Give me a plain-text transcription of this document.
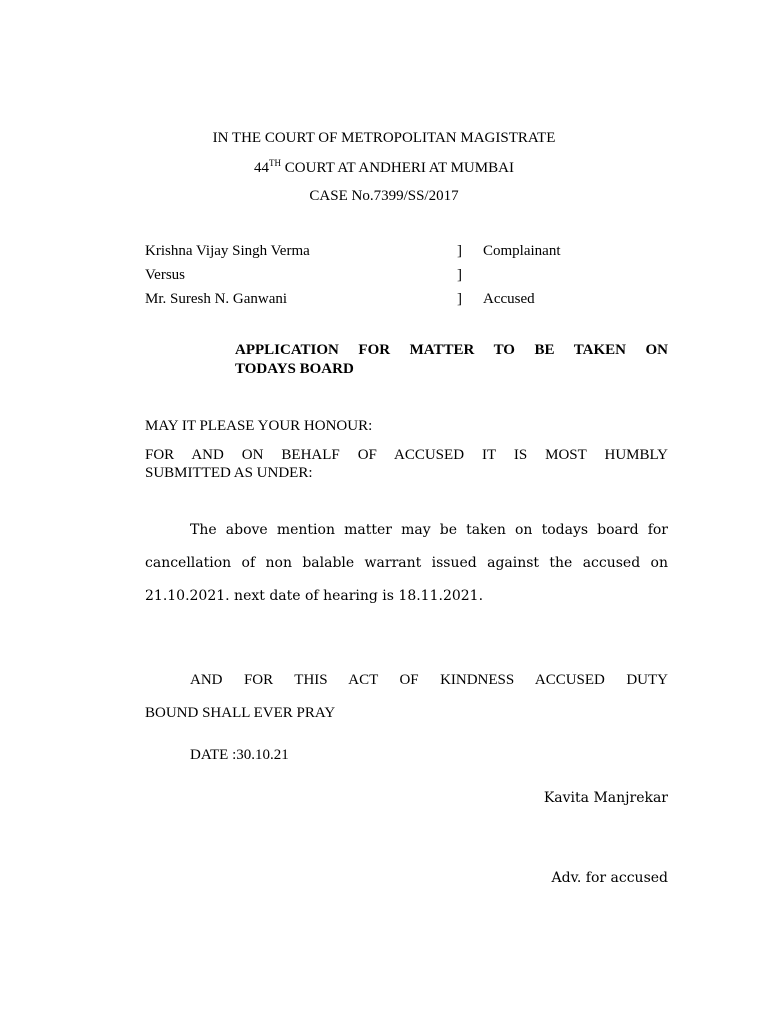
IN THE COURT OF METROPOLITAN MAGISTRATE
44TH COURT AT ANDHERI AT MUMBAI
CASE No.7399/SS/2017
Krishna Vijay Singh Verma	] Complainant
Versus	]
Mr. Suresh N. Ganwani	] Accused
APPLICATION FOR MATTER TO BE TAKEN ON
TODAYS BOARD
MAY IT PLEASE YOUR HONOUR:
FOR AND ON BEHALF OF ACCUSED IT IS MOST HUMBLY
SUBMITTED AS UNDER:
The above mention matter may be taken on todays board for
cancellation of non balable warrant issued against the accused on
21.10.2021. next date of hearing is 18.11.2021.
AND FOR THIS ACT OF KINDNESS ACCUSED DUTY
BOUND SHALL EVER PRAY
DATE :30.10.21
Kavita Manjrekar
Adv. for accused
